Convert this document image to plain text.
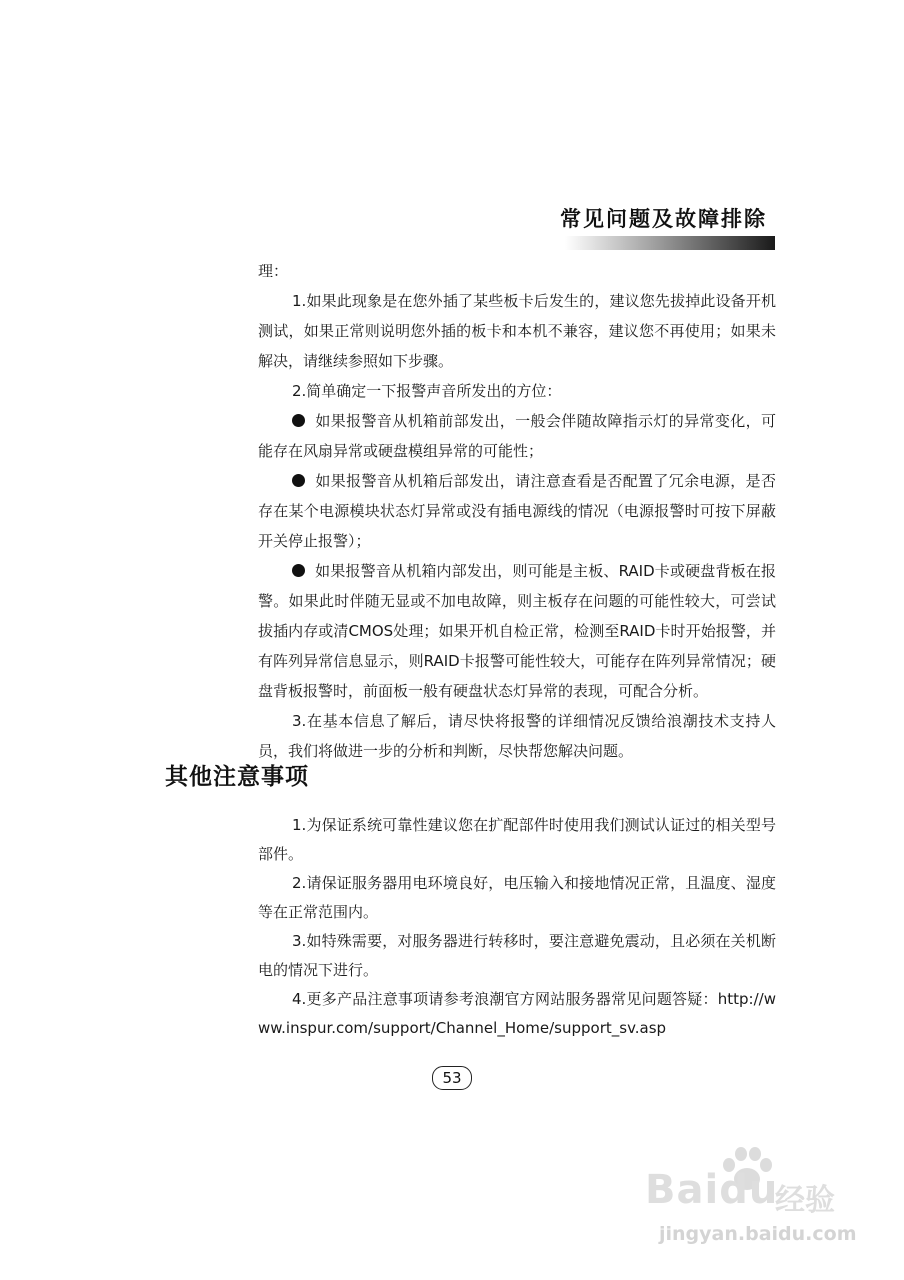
常见问题及故障排除

理：

1.如果此现象是在您外插了某些板卡后发生的，建议您先拔掉此设备开机测试，如果正常则说明您外插的板卡和本机不兼容，建议您不再使用；如果未解决，请继续参照如下步骤。

2.简单确定一下报警声音所发出的方位：

如果报警音从机箱前部发出，一般会伴随故障指示灯的异常变化，可能存在风扇异常或硬盘模组异常的可能性；

如果报警音从机箱后部发出，请注意查看是否配置了冗余电源，是否存在某个电源模块状态灯异常或没有插电源线的情况（电源报警时可按下屏蔽开关停止报警）；

如果报警音从机箱内部发出，则可能是主板、RAID卡或硬盘背板在报警。如果此时伴随无显或不加电故障，则主板存在问题的可能性较大，可尝试拔插内存或清CMOS处理；如果开机自检正常，检测至RAID卡时开始报警，并有阵列异常信息显示，则RAID卡报警可能性较大，可能存在阵列异常情况；硬盘背板报警时，前面板一般有硬盘状态灯异常的表现，可配合分析。

3.在基本信息了解后，请尽快将报警的详细情况反馈给浪潮技术支持人员，我们将做进一步的分析和判断，尽快帮您解决问题。

其他注意事项

1.为保证系统可靠性建议您在扩配部件时使用我们测试认证过的相关型号部件。

2.请保证服务器用电环境良好，电压输入和接地情况正常，且温度、湿度等在正常范围内。

3.如特殊需要，对服务器进行转移时，要注意避免震动，且必须在关机断电的情况下进行。

4.更多产品注意事项请参考浪潮官方网站服务器常见问题答疑：http://www.inspur.com/support/Channel_Home/support_sv.asp

53
Baidu
经验
jingyan.baidu.com
